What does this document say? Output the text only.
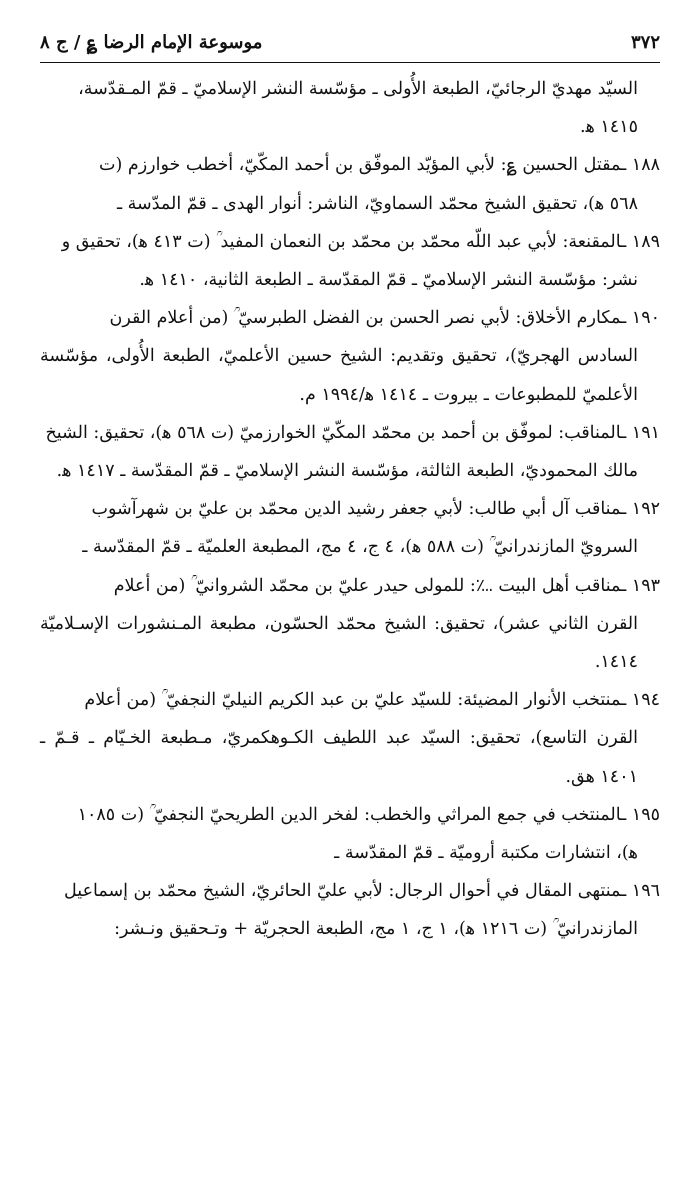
٣٧٢
موسوعة الإمام الرضا ؏ / ج ٨

السيّد مهديّ الرجائيّ، الطبعة الأُولى ـ مؤسّسة النشر الإسلاميّ ـ قمّ المـقدّسة،
١٤١٥ ه‍.

١٨٨ ـمقتل الحسين ؏: لأبي المؤيّد الموفّق بن أحمد المكّيّ، أخطب خوارزم (ت
٥٦٨ ه‍)، تحقيق الشيخ محمّد السماويّ، الناشر: أنوار الهدى ـ قمّ المدّسة ـ

١٨٩ ـالمقنعة: لأبي عبد اللّه محمّد بن محمّد بن النعمان المفيد ؒ (ت ٤١٣ ه‍)، تحقيق و
نشر: مؤسّسة النشر الإسلاميّ ـ قمّ المقدّسة ـ الطبعة الثانية، ١٤١٠ ه‍.

١٩٠ ـمكارم الأخلاق: لأبي نصر الحسن بن الفضل الطبرسيّ ؒ (من أعلام القرن
السادس الهجريّ)، تحقيق وتقديم: الشيخ حسين الأعلميّ، الطبعة الأُولى، مؤسّسة الأعلميّ للمطبوعات ـ بيروت ـ ١٤١٤ ه‍/١٩٩٤ م.

١٩١ ـالمناقب: لموفّق بن أحمد بن محمّد المكّيّ الخوارزميّ (ت ٥٦٨ ه‍)، تحقيق: الشيخ
مالك المحموديّ، الطبعة الثالثة، مؤسّسة النشر الإسلاميّ ـ قمّ المقدّسة ـ ١٤١٧ ه‍.

١٩٢ ـمناقب آل أبي طالب: لأبي جعفر رشيد الدين محمّد بن عليّ بن شهرآشوب
السرويّ المازندرانيّ ؒ (ت ٥٨٨ ه‍)، ٤ ج، ٤ مج، المطبعة العلميّة ـ قمّ المقدّسة ـ

١٩٣ ـمناقب أهل البيت ؊: للمولى حيدر عليّ بن محمّد الشروانيّ ؒ (من أعلام
القرن الثاني عشر)، تحقيق: الشيخ محمّد الحسّون، مطبعة المـنشورات الإسـلاميّة ١٤١٤.

١٩٤ ـمنتخب الأنوار المضيئة: للسيّد عليّ بن عبد الكريم النيليّ النجفيّ ؒ (من أعلام
القرن التاسع)، تحقيق: السيّد عبد اللطيف الكـوهكمريّ، مـطبعة الخـيّام ـ قـمّ ـ ١٤٠١ هق.

١٩٥ ـالمنتخب في جمع المراثي والخطب: لفخر الدين الطريحيّ النجفيّ ؒ (ت ١٠٨٥
ه‍)، انتشارات مكتبة أروميّة ـ قمّ المقدّسة ـ

١٩٦ ـمنتهى المقال في أحوال الرجال: لأبي عليّ الحائريّ، الشيخ محمّد بن إسماعيل
المازندرانيّ ؒ (ت ١٢١٦ ه‍)، ١ ج، ١ مج، الطبعة الحجريّة + وتـحقيق ونـشر:
